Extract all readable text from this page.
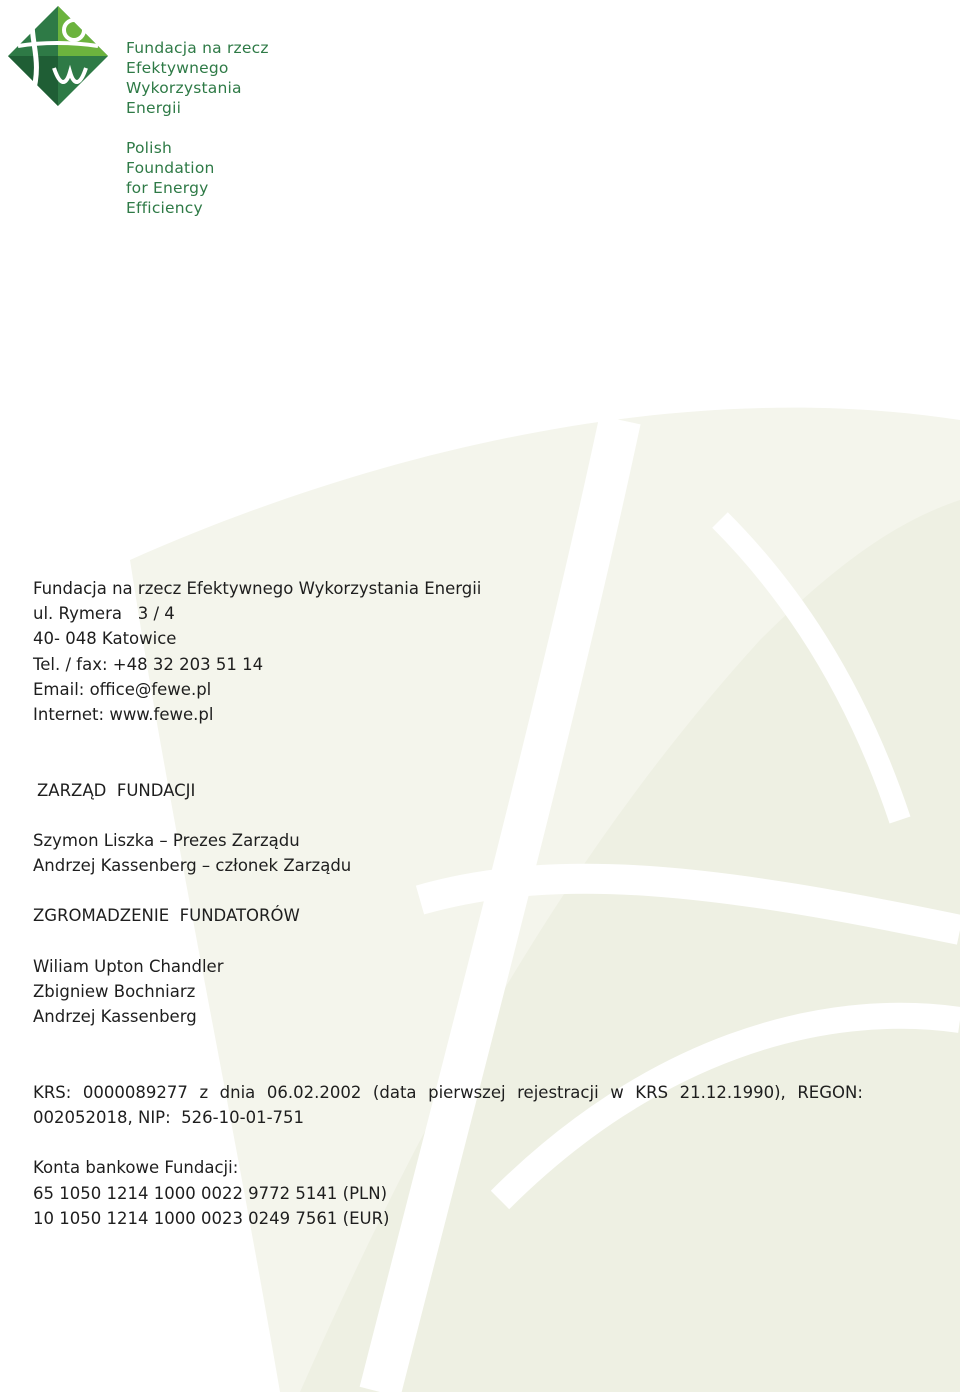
Fundacja na rzecz
Efektywnego
Wykorzystania
Energii
Polish
Foundation
for Energy
Efficiency
Fundacja na rzecz Efektywnego Wykorzystania Energii
ul. Rymera   3 / 4
40- 048 Katowice
Tel. / fax: +48 32 203 51 14
Email: office@fewe.pl
Internet: www.fewe.pl
ZARZĄD  FUNDACJI
Szymon Liszka – Prezes Zarządu
Andrzej Kassenberg – członek Zarządu
ZGROMADZENIE  FUNDATORÓW
Wiliam Upton Chandler
Zbigniew Bochniarz
Andrzej Kassenberg
KRS: 0000089277 z dnia 06.02.2002 (data pierwszej rejestracji w KRS 21.12.1990), REGON:
002052018, NIP:  526-10-01-751
Konta bankowe Fundacji:
65 1050 1214 1000 0022 9772 5141 (PLN)
10 1050 1214 1000 0023 0249 7561 (EUR)
